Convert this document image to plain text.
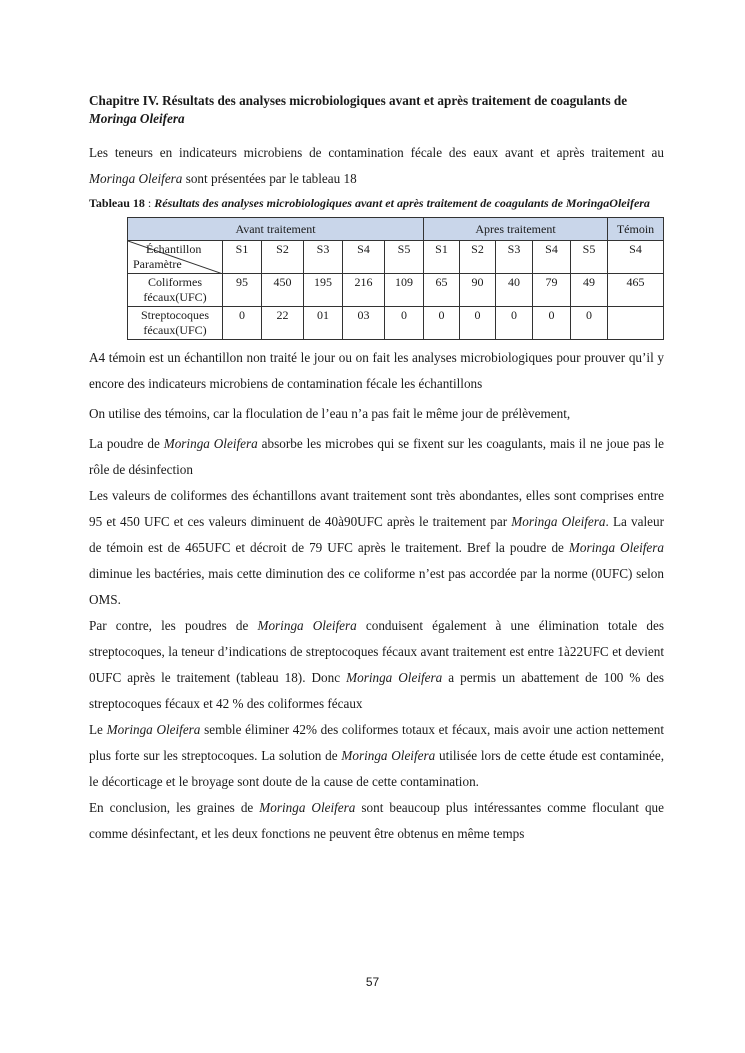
Chapitre IV. Résultats des analyses microbiologiques avant et après traitement de coagulants de Moringa Oleifera

Les teneurs en indicateurs microbiens de contamination fécale des eaux avant et après traitement au Moringa Oleifera sont présentées par le tableau 18

Tableau 18 : Résultats des analyses microbiologiques avant et après traitement de coagulants de MoringaOleifera

Avant traitement						Apres traitement					Témoin

Échantillon
Paramètre	S1	S2	S3	S4	S5	S1	S2	S3	S4	S5	S4
Coliformes fécaux(UFC)	95	450	195	216	109	65	90	40	79	49	465
Streptocoques fécaux(UFC)	0	22	01	03	0	0	0	0	0	0	

A4 témoin est un échantillon non traité le jour ou on fait les analyses microbiologiques pour prouver qu’il y encore des indicateurs microbiens de contamination fécale les échantillons

On utilise des témoins, car la floculation de l’eau n’a pas fait le même jour de prélèvement,

La poudre de Moringa Oleifera absorbe les microbes qui se fixent sur les coagulants, mais il ne joue pas le rôle de désinfection

Les valeurs de coliformes des échantillons avant traitement sont très abondantes, elles sont comprises entre 95 et 450 UFC et ces valeurs diminuent de 40à90UFC après le traitement par Moringa Oleifera. La valeur de témoin est de 465UFC et décroit de 79 UFC après le traitement. Bref la poudre de Moringa Oleifera diminue les bactéries, mais cette diminution des ce coliforme n’est pas accordée par la norme (0UFC) selon OMS.

Par contre, les poudres de Moringa Oleifera conduisent également à une élimination totale des streptocoques, la teneur d’indications de streptocoques fécaux avant traitement est entre 1à22UFC et devient 0UFC après le traitement (tableau 18). Donc Moringa Oleifera a permis un abattement de 100 % des streptocoques fécaux et 42 % des coliformes fécaux

Le Moringa Oleifera semble éliminer 42% des coliformes totaux et fécaux, mais avoir une action nettement plus forte sur les streptocoques. La solution de Moringa Oleifera utilisée lors de cette étude est contaminée, le décorticage et le broyage sont doute de la cause de cette contamination.

En conclusion, les graines de Moringa Oleifera sont beaucoup plus intéressantes comme floculant que comme désinfectant, et les deux fonctions ne peuvent être obtenus en même temps

57
